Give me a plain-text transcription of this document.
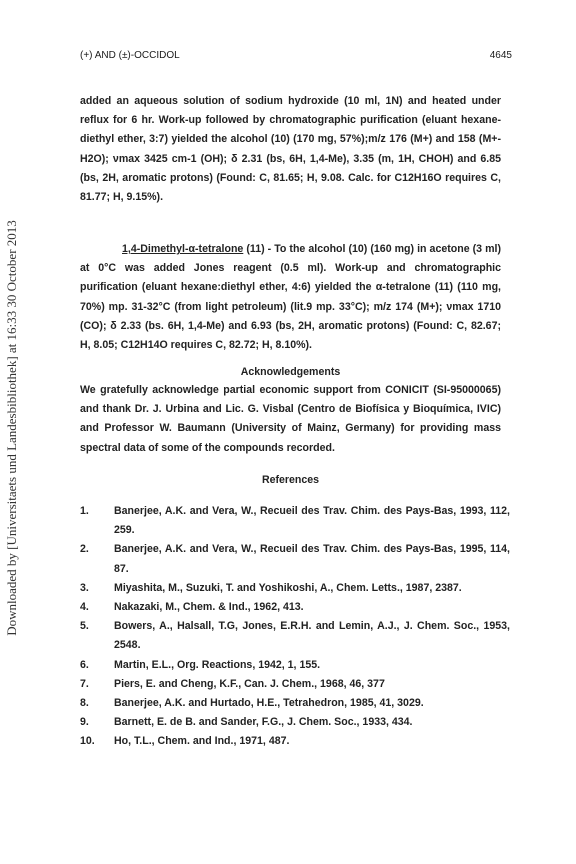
Downloaded by [Universitaets und Landesbibliothek] at 16:33 30 October 2013
(+) AND (±)-OCCIDOL	4645

added an aqueous solution of sodium hydroxide (10 ml, 1N) and heated under reflux for 6 hr. Work-up followed by chromatographic purification (eluant hexane-diethyl ether, 3:7) yielded the alcohol (10) (170 mg, 57%);m/z 176 (M+) and 158 (M+-H2O); νmax 3425 cm-1 (OH); δ 2.31 (bs, 6H, 1,4-Me), 3.35 (m, 1H, CHOH) and 6.85 (bs, 2H, aromatic protons) (Found: C, 81.65; H, 9.08. Calc. for C12H16O requires C, 81.77; H, 9.15%).

1,4-Dimethyl-α-tetralone (11) - To the alcohol (10) (160 mg) in acetone (3 ml) at 0°C was added Jones reagent (0.5 ml). Work-up and chromatographic purification (eluant hexane:diethyl ether, 4:6) yielded the α-tetralone (11) (110 mg, 70%) mp. 31-32°C (from light petroleum) (lit.9 mp. 33°C); m/z 174 (M+); νmax 1710 (CO); δ 2.33 (bs. 6H, 1,4-Me) and 6.93 (bs, 2H, aromatic protons) (Found: C, 82.67; H, 8.05; C12H14O requires C, 82.72; H, 8.10%).

Acknowledgements

We gratefully acknowledge partial economic support from CONICIT (SI-95000065) and thank Dr. J. Urbina and Lic. G. Visbal (Centro de Biofísica y Bioquímica, IVIC) and Professor W. Baumann (University of Mainz, Germany) for providing mass spectral data of some of the compounds recorded.

References
1.	Banerjee, A.K. and Vera, W., Recueil des Trav. Chim. des Pays-Bas, 1993, 112, 259.
2.	Banerjee, A.K. and Vera, W., Recueil des Trav. Chim. des Pays-Bas, 1995, 114, 87.
3.	Miyashita, M., Suzuki, T. and Yoshikoshi, A., Chem. Letts., 1987, 2387.
4.	Nakazaki, M., Chem. & Ind., 1962, 413.
5.	Bowers, A., Halsall, T.G, Jones, E.R.H. and Lemin, A.J., J. Chem. Soc., 1953, 2548.
6.	Martin, E.L., Org. Reactions, 1942, 1, 155.
7.	Piers, E. and Cheng, K.F., Can. J. Chem., 1968, 46, 377
8.	Banerjee, A.K. and Hurtado, H.E., Tetrahedron, 1985, 41, 3029.
9.	Barnett, E. de B. and Sander, F.G., J. Chem. Soc., 1933, 434.
10.	Ho, T.L., Chem. and Ind., 1971, 487.
